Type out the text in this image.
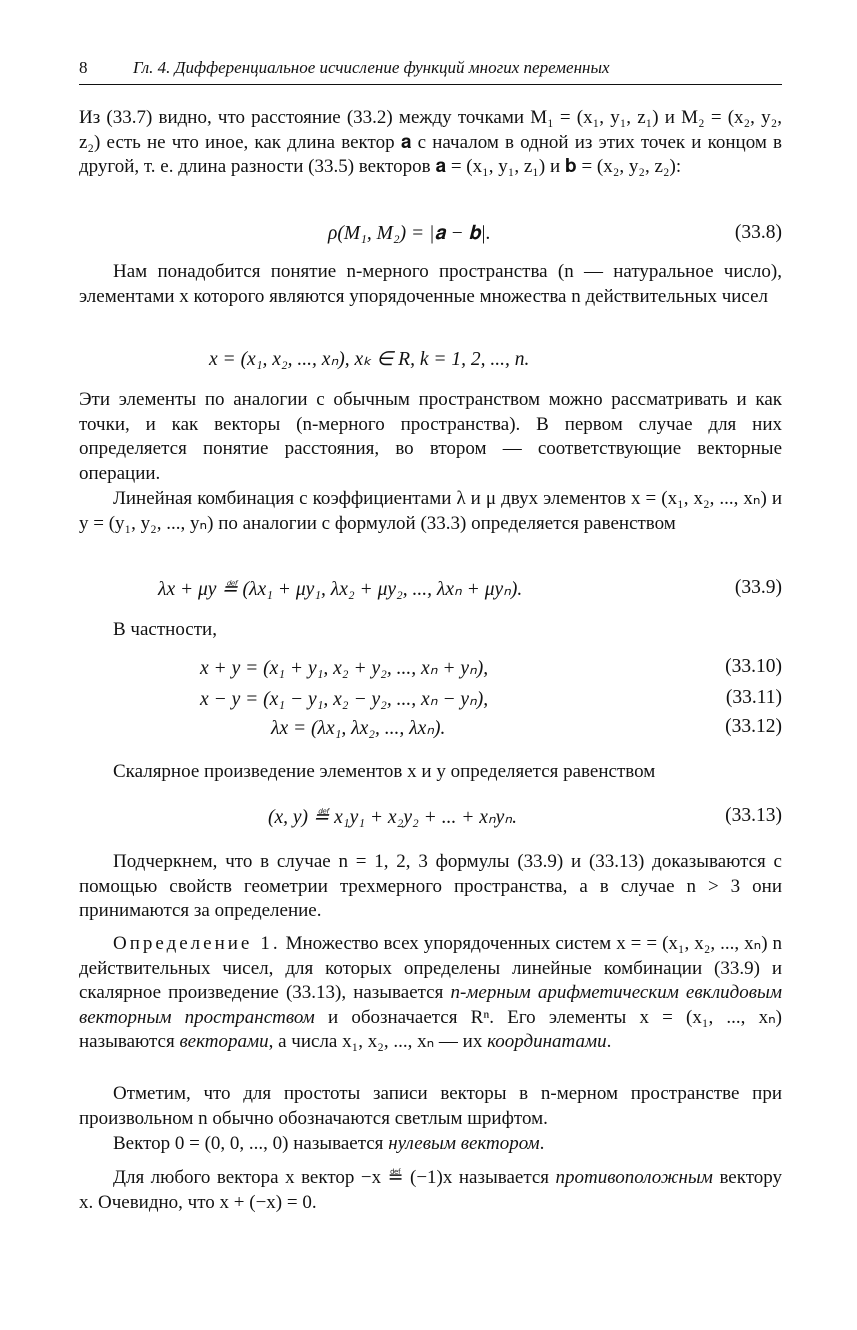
8	Гл. 4. Дифференциальное исчисление функций многих переменных
Из (33.7) видно, что расстояние (33.2) между точками M₁ = (x₁, y₁, z₁) и M₂ = (x₂, y₂, z₂) есть не что иное, как длина вектор 𝐚 с началом в одной из этих точек и концом в другой, т. е. длина разности (33.5) векторов 𝐚 = (x₁, y₁, z₁) и 𝐛 = (x₂, y₂, z₂):
ρ(M₁, M₂) = |𝐚 − 𝐛|.	(33.8)
Нам понадобится понятие n-мерного пространства (n — натуральное число), элементами x которого являются упорядоченные множества n действительных чисел
x = (x₁, x₂, ..., xₙ), xₖ ∈ R, k = 1, 2, ..., n.
Эти элементы по аналогии с обычным пространством можно рассматривать и как точки, и как векторы (n-мерного пространства). В первом случае для них определяется понятие расстояния, во втором — соответствующие векторные операции.
Линейная комбинация с коэффициентами λ и μ двух элементов x = (x₁, x₂, ..., xₙ) и y = (y₁, y₂, ..., yₙ) по аналогии с формулой (33.3) определяется равенством
λx + μy ≝ (λx₁ + μy₁, λx₂ + μy₂, ..., λxₙ + μyₙ).	(33.9)
В частности,
x + y = (x₁ + y₁, x₂ + y₂, ..., xₙ + yₙ),	(33.10)
x − y = (x₁ − y₁, x₂ − y₂, ..., xₙ − yₙ),	(33.11)
λx = (λx₁, λx₂, ..., λxₙ).	(33.12)
Скалярное произведение элементов x и y определяется равенством
(x, y) ≝ x₁y₁ + x₂y₂ + ... + xₙyₙ.	(33.13)
Подчеркнем, что в случае n = 1, 2, 3 формулы (33.9) и (33.13) доказываются с помощью свойств геометрии трехмерного пространства, а в случае n > 3 они принимаются за определение.
Определение 1. Множество всех упорядоченных систем x = = (x₁, x₂, ..., xₙ) n действительных чисел, для которых определены линейные комбинации (33.9) и скалярное произведение (33.13), называется n-мерным арифметическим евклидовым векторным пространством и обозначается Rⁿ. Его элементы x = (x₁, ..., xₙ) называются векторами, а числа x₁, x₂, ..., xₙ — их координатами.
Отметим, что для простоты записи векторы в n-мерном пространстве при произвольном n обычно обозначаются светлым шрифтом.
Вектор 0 = (0, 0, ..., 0) называется нулевым вектором.
Для любого вектора x вектор −x ≝ (−1)x называется противоположным вектору x. Очевидно, что x + (−x) = 0.
